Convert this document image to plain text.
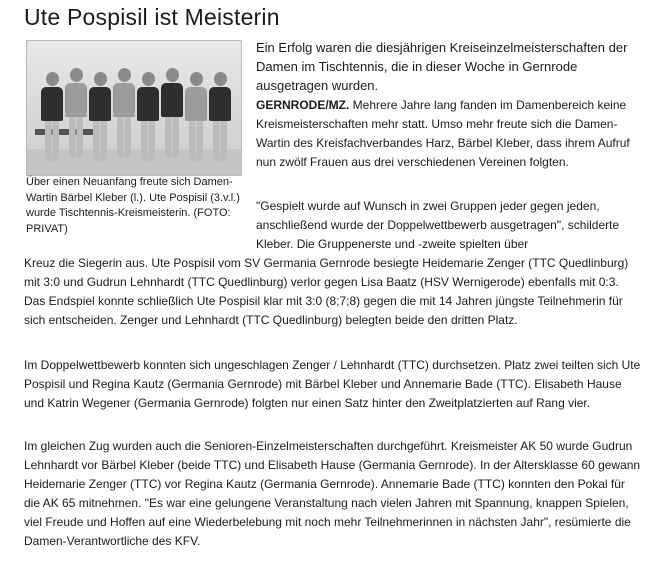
Ute Pospisil ist Meisterin

Über einen Neuanfang freute sich Damen-Wartin Bärbel Kleber (l.). Ute Pospisil (3.v.l.) wurde Tischtennis-Kreismeisterin. (FOTO: PRIVAT)

Ein Erfolg waren die diesjährigen Kreiseinzelmeisterschaften der Damen im Tischtennis, die in dieser Woche in Gernrode ausgetragen wurden.

GERNRODE/MZ. Mehrere Jahre lang fanden im Damenbereich keine Kreismeisterschaften mehr statt. Umso mehr freute sich die Damen-Wartin des Kreisfachverbandes Harz, Bärbel Kleber, dass ihrem Aufruf nun zwölf Frauen aus drei verschiedenen Vereinen folgten.

"Gespielt wurde auf Wunsch in zwei Gruppen jeder gegen jeden, anschließend wurde der Doppelwettbewerb ausgetragen", schilderte Kleber. Die Gruppenerste und -zweite spielten über

Kreuz die Siegerin aus. Ute Pospisil vom SV Germania Gernrode besiegte Heidemarie Zenger (TTC Quedlinburg) mit 3:0 und Gudrun Lehnhardt (TTC Quedlinburg) verlor gegen Lisa Baatz (HSV Wernigerode) ebenfalls mit 0:3. Das Endspiel konnte schließlich Ute Pospisil klar mit 3:0 (8;7;8) gegen die mit 14 Jahren jüngste Teilnehmerin für sich entscheiden. Zenger und Lehnhardt (TTC Quedlinburg) belegten beide den dritten Platz.

Im Doppelwettbewerb konnten sich ungeschlagen Zenger / Lehnhardt (TTC) durchsetzen. Platz zwei teilten sich Ute Pospisil und Regina Kautz (Germania Gernrode) mit Bärbel Kleber und Annemarie Bade (TTC). Elisabeth Hause und Katrin Wegener (Germania Gernrode) folgten nur einen Satz hinter den Zweitplatzierten auf Rang vier.

Im gleichen Zug wurden auch die Senioren-Einzelmeisterschaften durchgeführt. Kreismeister AK 50 wurde Gudrun Lehnhardt vor Bärbel Kleber (beide TTC) und Elisabeth Hause (Germania Gernrode). In der Altersklasse 60 gewann Heidemarie Zenger (TTC) vor Regina Kautz (Germania Gernrode). Annemarie Bade (TTC) konnten den Pokal für die AK 65 mitnehmen. "Es war eine gelungene Veranstaltung nach vielen Jahren mit Spannung, knappen Spielen, viel Freude und Hoffen auf eine Wiederbelebung mit noch mehr Teilnehmerinnen in nächsten Jahr", resümierte die Damen-Verantwortliche des KFV.
